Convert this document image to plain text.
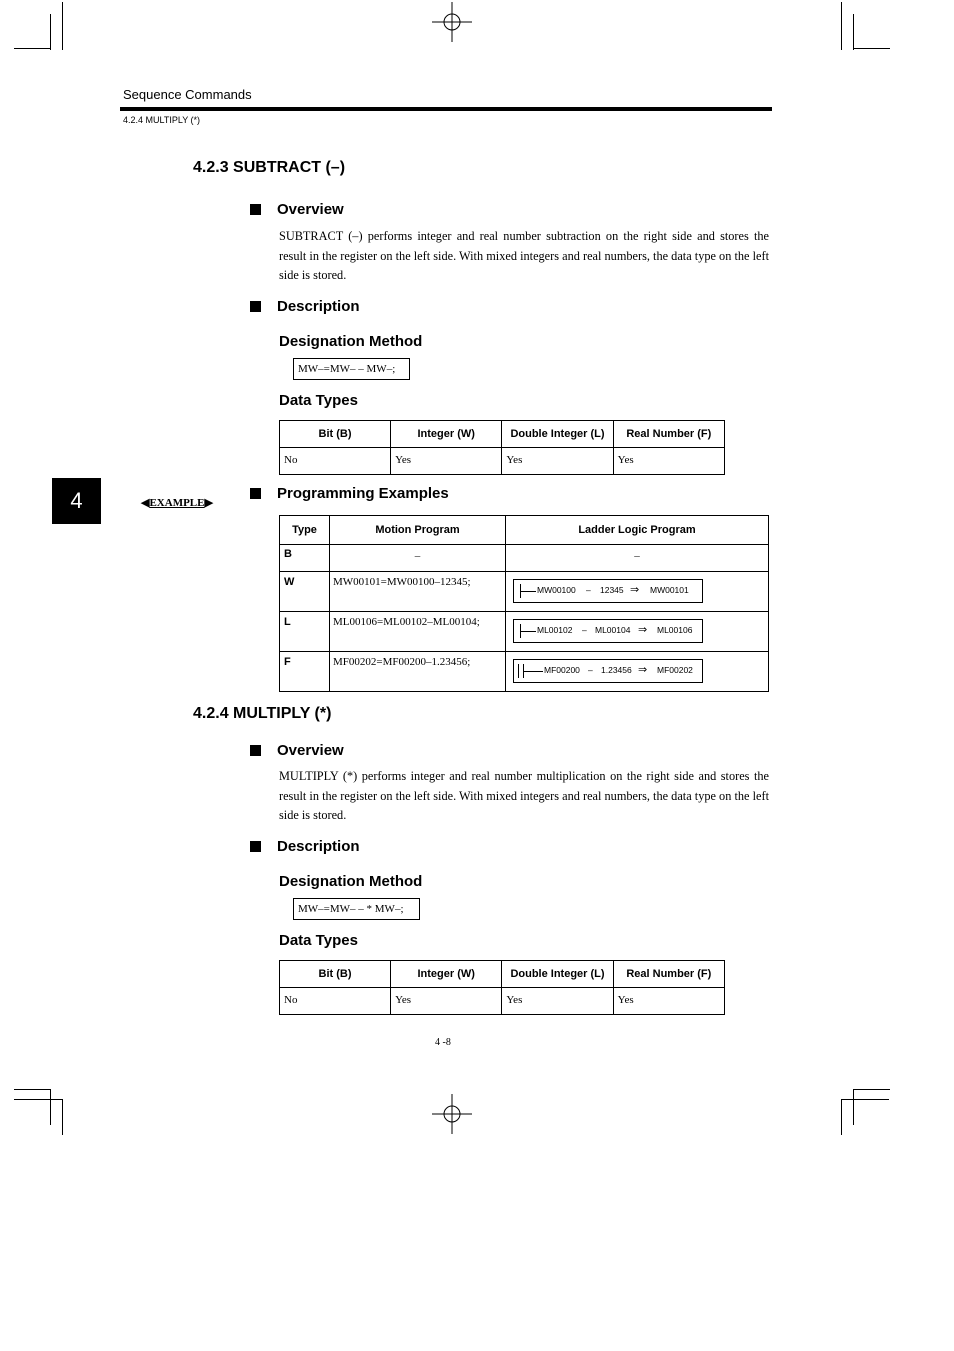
Sequence Commands
4.2.4 MULTIPLY (*)
4	◀EXAMPLE▶
4.2.3 SUBTRACT (–)
Overview
SUBTRACT (–) performs integer and real number subtraction on the right side and stores the result in the register on the left side. With mixed integers and real numbers, the data type on the left side is stored.
Description
Designation Method
MW–=MW– – MW–;
Data Types
Bit (B)	Integer (W)	Double Integer (L)	Real Number (F)
No	Yes	Yes	Yes
Programming Examples
Type	Motion Program	Ladder Logic Program
B	–	–
W	MW00101=MW00100–12345;	MW00100 – 12345 ⇒ MW00101

L	ML00106=ML00102–ML00104;	ML00102 – ML00104 ⇒ ML00106

F	MF00202=MF00200–1.23456;	MF00200 – 1.23456 ⇒ MF00202
4.2.4 MULTIPLY (*)
Overview
MULTIPLY (*) performs integer and real number multiplication on the right side and stores the result in the register on the left side. With mixed integers and real numbers, the data type on the left side is stored.
Description
Designation Method
MW–=MW– – * MW–;
Data Types
Bit (B)	Integer (W)	Double Integer (L)	Real Number (F)
No	Yes	Yes	Yes
4 -8
